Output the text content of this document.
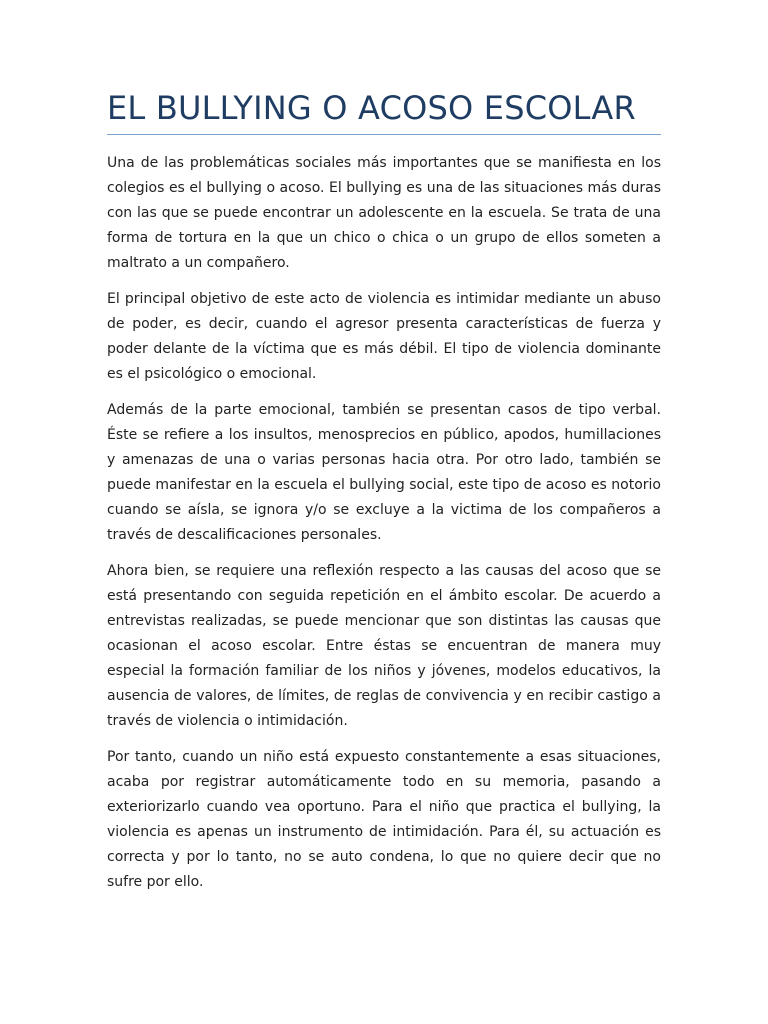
EL BULLYING O ACOSO ESCOLAR

Una de las problemáticas sociales más importantes que se manifiesta en los colegios es el bullying o acoso. El bullying es una de las situaciones más duras con las que se puede encontrar un adolescente en la escuela. Se trata de una forma de tortura en la que un chico o chica o un grupo de ellos someten a maltrato a un compañero.

El principal objetivo de este acto de violencia es intimidar mediante un abuso de poder, es decir, cuando el agresor presenta características de fuerza y poder delante de la víctima que es más débil. El tipo de violencia dominante es el psicológico o emocional.

Además de la parte emocional, también se presentan casos de tipo verbal. Éste se refiere a los insultos, menosprecios en público, apodos, humillaciones y amenazas de una o varias personas hacia otra. Por otro lado, también se puede manifestar en la escuela el bullying social, este tipo de acoso es notorio cuando se aísla, se ignora y/o se excluye a la victima de los compañeros a través de descalificaciones personales.

Ahora bien, se requiere una reflexión respecto a las causas del acoso que se está presentando con seguida repetición en el ámbito escolar. De acuerdo a entrevistas realizadas, se puede mencionar que son distintas las causas que ocasionan el acoso escolar. Entre éstas se encuentran de manera muy especial la formación familiar de los niños y jóvenes, modelos educativos, la ausencia de valores, de límites, de reglas de convivencia y en recibir castigo a través de violencia o intimidación.

Por tanto, cuando un niño está expuesto constantemente a esas situaciones, acaba por registrar automáticamente todo en su memoria, pasando a exteriorizarlo cuando vea oportuno. Para el niño que practica el bullying, la violencia es apenas un instrumento de intimidación. Para él, su actuación es correcta y por lo tanto, no se auto condena, lo que no quiere decir que no sufre por ello.
